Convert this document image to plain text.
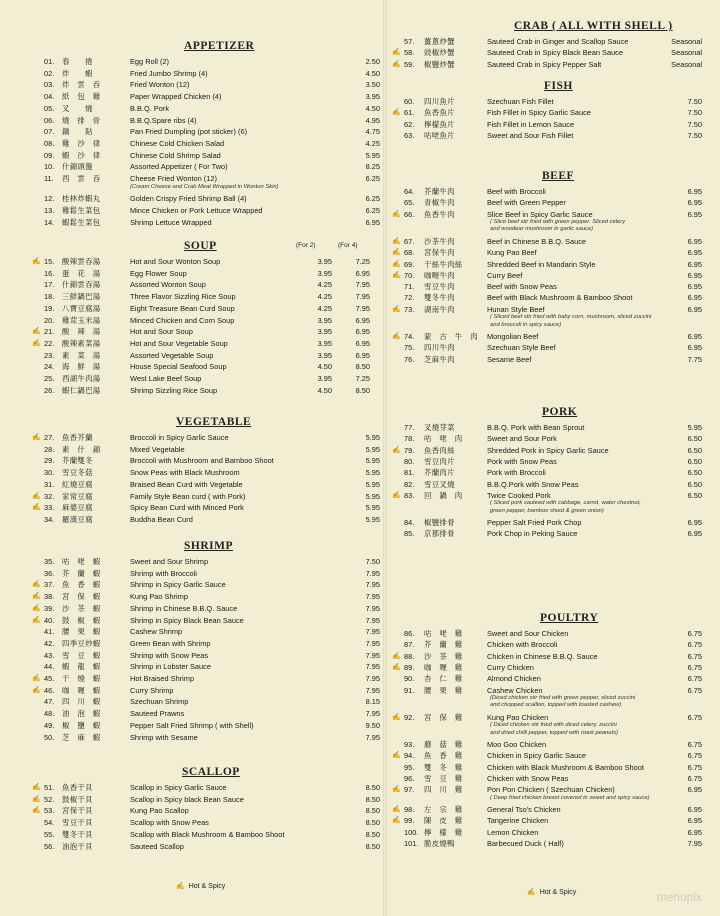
APPETIZER
01. 春　　捲	Egg Roll (2)	2.50
02. 炸　　蝦	Fried Jumbo Shrimp (4)	4.50
03. 炸　雲　吞	Fried Wonton (12)	3.50
04. 紙　包　雞	Paper Wrapped Chicken (4)	3.95
05. 叉　　燒	B.B.Q. Pork	4.50
06. 燒　排　骨	B.B.Q.Spare ribs (4)	4.95
07. 鍋　　貼	Pan Fried Dumpling (pot sticker) (6)	4.75
08. 雞　沙　律	Chinese Cold Chicken Salad	4.25
09. 蝦　沙　律	Chinese Cold Shrimp Salad	5.95
10. 什錦頭盤	Assorted Appetizer ( For Two)	8.25
11. 西　雲　吞	Cheese Fried Wonton (12)	6.25
(Cream Cheese and Crab Meat Wrapped in Wonton Skin)
12. 桂林炸蝦丸	Golden Crispy Fried Shrimp Ball (4)	6.25
13. 雞鬆生菜包	Mince Chicken or Pork Lettuce Wrapped	6.25
14. 蝦鬆生菜包	Shrimp Lettuce Wrapped	6.95
SOUP	(For 2)	(For 4)
✍ 15. 酸辣雲吞湯	Hot and Sour Wonton Soup	3.95	7.25
16. 蛋　花　湯	Egg Flower Soup	3.95	6.95
17. 什錦雲吞湯	Assorted Wonton Soup	4.25	7.95
18. 三鮮鍋巴湯	Three Flavor Sizzling Rice Soup	4.25	7.95
19. 八寶豆腐湯	Eight Treasure Bean Curd Soup	4.25	7.95
20. 雞茸玉米湯	Minced Chicken and Corn Soup	3.95	6.95
✍ 21. 酸　辣　湯	Hot and Sour Soup	3.95	6.95
✍ 22. 酸辣素菜湯	Hot and Sour Vegetable Soup	3.95	6.95
23. 素　菜　湯	Assorted Vegetable Soup	3.95	6.95
24. 海　鮮　湯	House Special Seafood Soup	4.50	8.50
25. 西湖牛肉湯	West Lake Beef Soup	3.95	7.25
26. 蝦仁鍋巴湯	Shrimp Sizzling Rice Soup	4.50	8.50
VEGETABLE
✍ 27. 魚香芥蘭	Broccoli in Spicy Garlic Sauce	5.95
28. 素　什　錦	Mixed Vegetable	5.95
29. 芥蘭雙冬	Broccoli with Mushroom and Bamboo Shoot	5.95
30. 雪豆冬菇	Snow Peas with Black Mushroom	5.95
31. 紅燒豆腐	Braised Bean Curd with Vegetable	5.95
✍ 32. 家常豆腐	Family Style Bean curd ( with Pork)	5.95
✍ 33. 麻婆豆腐	Spicy Bean Curd with Minced Pork	5.95
34. 羅漢豆腐	Buddha Bean Curd	5.95
SHRIMP
35. 咕　咾　蝦	Sweet and Sour Shrimp	7.50
36. 芥　蘭　蝦	Shrimp with Broccoli	7.95
✍ 37. 魚　香　蝦	Shrimp in Spicy Garlic Sauce	7.95
✍ 38. 宮　保　蝦	Kung Pao Shrimp	7.95
✍ 39. 沙　茶　蝦	Shrimp in Chinese B.B.Q. Sauce	7.95
✍ 40. 鼓　椒　蝦	Shrimp in Spicy Black Bean Sauce	7.95
41. 腰　果　蝦	Cashew Shrimp	7.95
42. 四季豆炒蝦	Green Bean with Shrimp	7.95
43. 雪　豆　蝦	Shrimp with Snow Peas	7.95
44. 蝦　龍　蝦	Shrimp in Lobster Sauce	7.95
✍ 45. 干　燒　蝦	Hot Braised Shrimp	7.95
✍ 46. 咖　喱　蝦	Curry Shrimp	7.95
47. 四　川　蝦	Szechuan Shrimp	8.15
48. 油　泡　蝦	Sauteed Prawns	7.95
49. 椒　鹽　蝦	Pepper Salt Fried Shrimp ( with Shell)	9.50
50. 芝　麻　蝦	Shrimp with Sesame	7.95
SCALLOP
✍ 51. 魚香干貝	Scallop in Spicy Garlic Sauce	8.50
✍ 52. 鼓椒干貝	Scallop in Spicy black Bean Sauce	8.50
✍ 53. 宮保干貝	Kung Pao Scallop	8.50
54. 雪豆干貝	Scallop with Snow Peas	8.50
55. 雙冬干貝	Scallop with Black Mushroom & Bamboo Shoot	8.50
56. 油泡干貝	Sauteed Scallop	8.50
CRAB ( ALL WITH SHELL )
57. 薑蔥炒蟹	Sauteed Crab in Ginger and Scallop Sauce	Seasonal
✍ 58. 豉椒炒蟹	Sauteed Crab in Spicy Black Bean Sauce	Seasonal
✍ 59. 椒鹽炒蟹	Sauteed Crab in Spicy Pepper Salt	Seasonal
FISH
60. 四川魚片	Szechuan Fish Fillet	7.50
✍ 61. 魚香魚片	Fish Fillet in Spicy Garlic Sauce	7.50
62. 檸檬魚片	Fish Fillet in Lemon Sauce	7.50
63. 咕咾魚片	Sweet and Sour Fish Fillet	7.50
BEEF
64. 芥蘭牛肉	Beef with Broccoli	6.95
65. 青椒牛肉	Beef with Green Pepper	6.95
✍ 66. 魚香牛肉	Slice Beef in Spicy Garlic Sauce	6.95
( Slice beef stir fried with green pepper. Sliced celery
and woodear mushroom in garlic sauce)
✍ 67. 沙茶牛肉	Beef in Chinese B.B.Q. Sauce	6.95
✍ 68. 宮保牛肉	Kung Pao Beef	6.95
✍ 69. 干絲牛肉絲	Shredded Beef in Mandarin Style	6.95
✍ 70. 咖喱牛肉	Curry Beef	6.95
71. 雪豆牛肉	Beef with Snow Peas	6.95
72. 雙冬牛肉	Beef with Black Mushroom & Bamboo Shoot	6.95
✍ 73. 湖南牛肉	Hunan Style Beef	6.95
( Sliced beef stir fried with baby corn, mushroom, sliced zuccini
and broccoli in spicy sauce)
✍ 74. 蒙　古　牛　肉 Mongolian Beef	6.95
75. 四川牛肉	Szechuan Style Beef	6.95
76. 芝麻牛肉	Sesame Beef	7.75
PORK
77. 叉燒芽菜	B.B.Q. Pork with Bean Sprout	5.95
78. 咕　咾　肉	Sweet and Sour Pork	6.50
✍ 79. 魚香肉絲	Shredded Pork in Spicy Garlic Sauce	6.50
80. 雪豆肉片	Pork with Snow Peas	6.50
81. 芥蘭肉片	Pork with Broccoli	6.50
82. 雪豆叉燒	B.B.Q.Pork with Snow Peas	6.50
✍ 83. 回　鍋　肉	Twice Cooked Pork	6.50
( Sliced pork sauteed with cabbage, carrot, water chestnut,
green pepper, bamboo shoot & green onion)
84. 椒鹽排骨	Pepper Salt Fried Pork Chop	6.95
85. 京都排骨	Pork Chop in Peking Sauce	6.95
POULTRY
86. 咕　咾　雞	Sweet and Sour Chicken	6.75
87. 芥　蘭　雞	Chicken with Broccoli	6.75
✍ 88. 沙　茶　雞	Chicken in Chinese B.B.Q. Sauce	6.75
✍ 89. 咖　喱　雞	Curry Chicken	6.75
90. 杏　仁　雞	Almond Chicken	6.75
91. 腰　果　雞	Cashew Chicken	6.75
(Diced chicken stir fried with green pepper, sliced zuccini
and chopped scallion, topped with toasted cashew)
✍ 92. 宮　保　雞	Kung Pao Chicken	6.75
( Diced chicken stir fried with diced celery, zuccini
and dried chilli pepper, topped with roast peanuts)
93. 蘑　菇　雞	Moo Goo Chicken	6.75
✍ 94. 魚　香　雞	Chicken in Spicy Garlic Sauce	6.75
95. 雙　冬　雞	Chicken with Black Mushroom & Bamboo Shoot	6.75
96. 雪　豆　雞	Chicken with Snow Peas	6.75
✍ 97. 四　川　雞	Pon Pon Chicken ( Szechuan Chicken)	6.95
( Deep fried chicken breast covered in sweet and spicy sauce)
✍ 98. 左　宗　雞	General Tso's Chicken	6.95
✍ 99. 陳　皮　雞	Tangerine Chicken	6.95
100. 檸　檬　雞	Lemon Chicken	6.95
101. 脆皮燒鴨	Barbecued Duck ( Half)	7.95
✍ Hot & Spicy
✍ Hot & Spicy	menupix
